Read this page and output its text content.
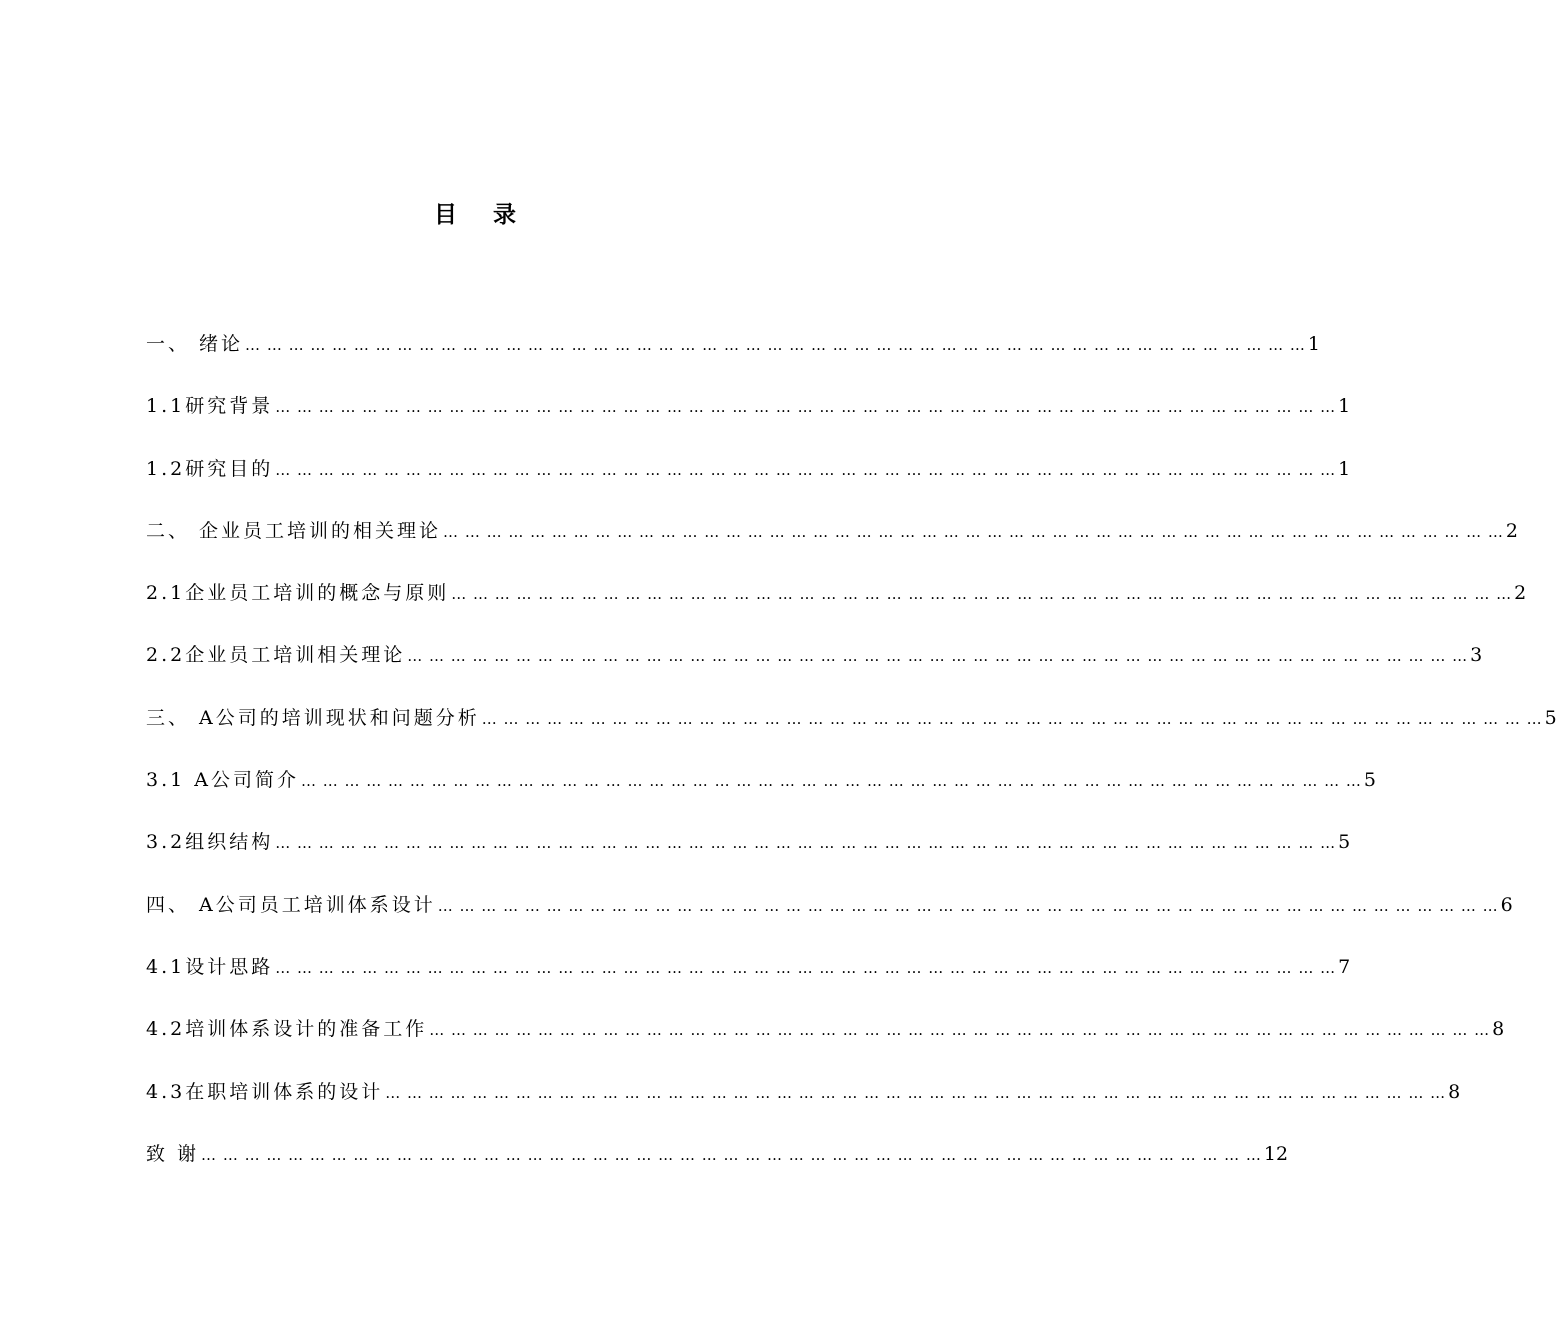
目 录
一、 绪论 … … … … … … … … … … … … … … … … … … … … … … … … … … … … … … … … … … … … … … … … … … … … … … … … … 1
1.1研究背景 … … … … … … … … … … … … … … … … … … … … … … … … … … … … … … … … … … … … … … … … … … … … … … … … … 1
1.2研究目的 … … … … … … … … … … … … … … … … … … … … … … … … … … … … … … … … … … … … … … … … … … … … … … … … … 1
二、 企业员工培训的相关理论 … … … … … … … … … … … … … … … … … … … … … … … … … … … … … … … … … … … … … … … … … … … … … … … … … 2
2.1企业员工培训的概念与原则 … … … … … … … … … … … … … … … … … … … … … … … … … … … … … … … … … … … … … … … … … … … … … … … … … 2
2.2企业员工培训相关理论 … … … … … … … … … … … … … … … … … … … … … … … … … … … … … … … … … … … … … … … … … … … … … … … … … 3
三、 A公司的培训现状和问题分析 … … … … … … … … … … … … … … … … … … … … … … … … … … … … … … … … … … … … … … … … … … … … … … … … … 5
3.1 A公司简介 … … … … … … … … … … … … … … … … … … … … … … … … … … … … … … … … … … … … … … … … … … … … … … … … … 5
3.2组织结构 … … … … … … … … … … … … … … … … … … … … … … … … … … … … … … … … … … … … … … … … … … … … … … … … … 5
四、 A公司员工培训体系设计 … … … … … … … … … … … … … … … … … … … … … … … … … … … … … … … … … … … … … … … … … … … … … … … … … 6
4.1设计思路 … … … … … … … … … … … … … … … … … … … … … … … … … … … … … … … … … … … … … … … … … … … … … … … … … 7
4.2培训体系设计的准备工作 … … … … … … … … … … … … … … … … … … … … … … … … … … … … … … … … … … … … … … … … … … … … … … … … … 8
4.3在职培训体系的设计 … … … … … … … … … … … … … … … … … … … … … … … … … … … … … … … … … … … … … … … … … … … … … … … … … 8
致 谢 … … … … … … … … … … … … … … … … … … … … … … … … … … … … … … … … … … … … … … … … … … … … … … … … … 12
